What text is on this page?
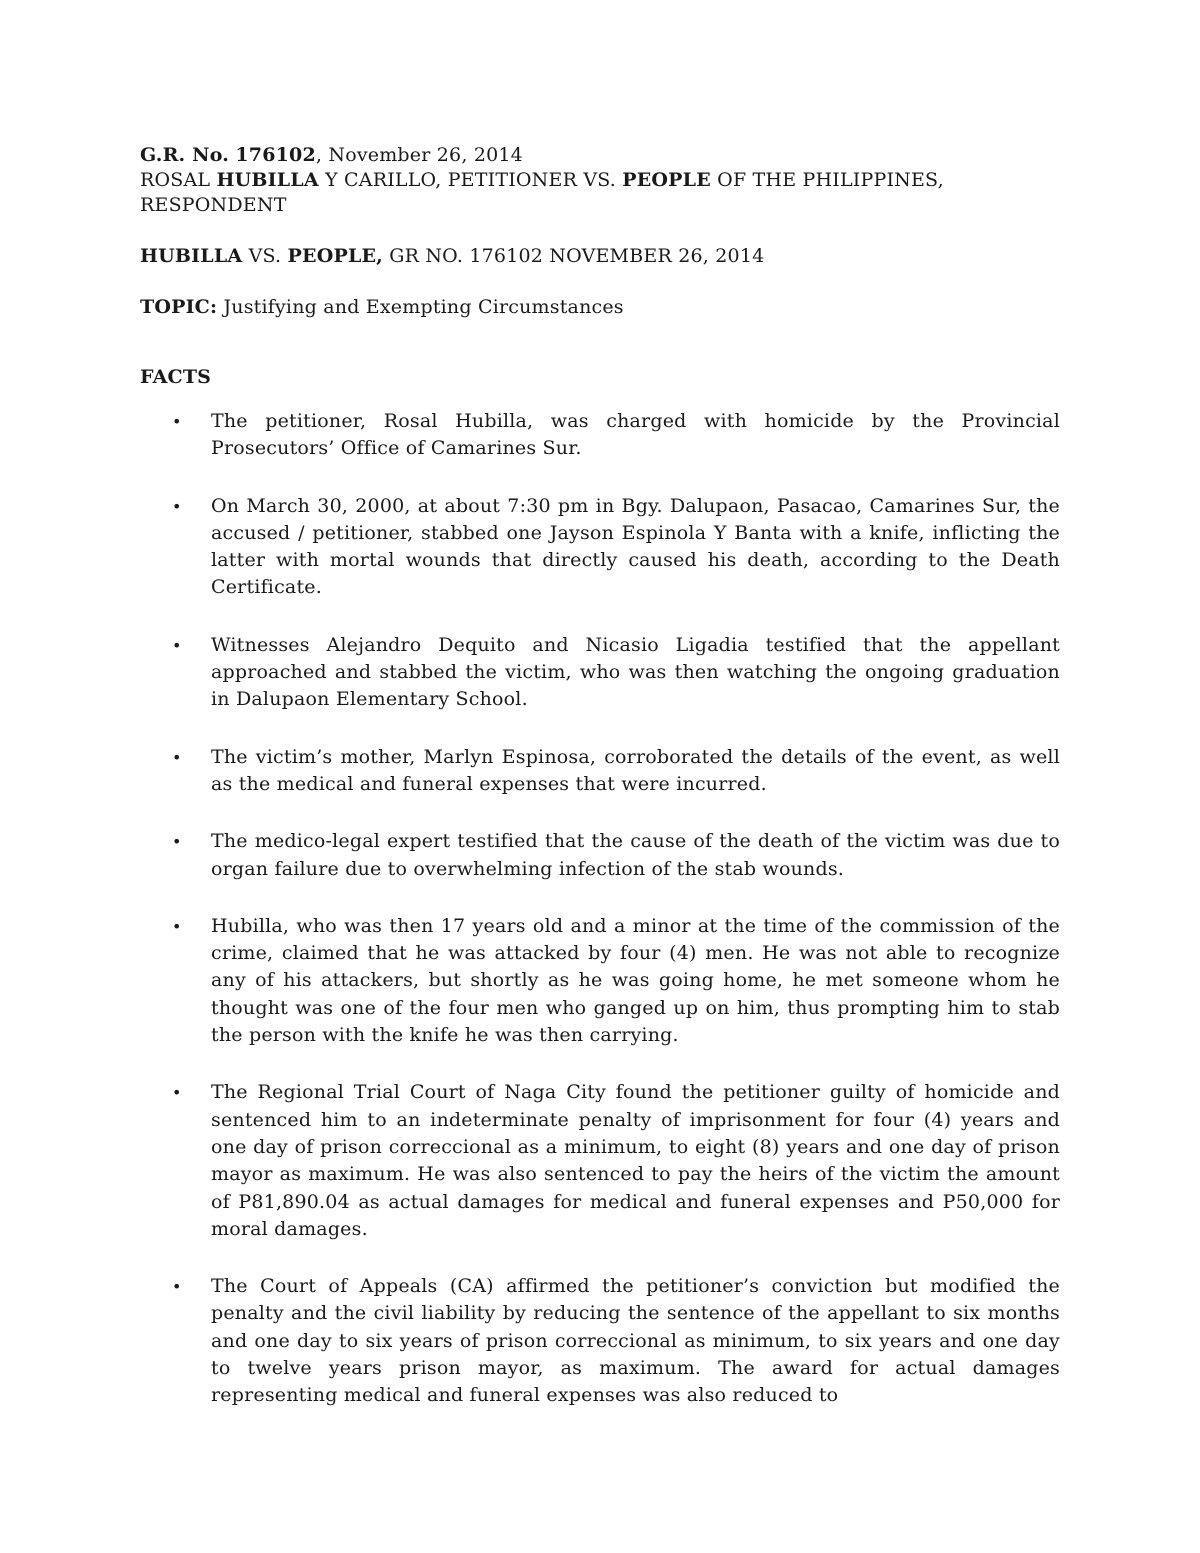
G.R. No. 176102, November 26, 2014

ROSAL HUBILLA Y CARILLO, PETITIONER VS. PEOPLE OF THE PHILIPPINES,

RESPONDENT

HUBILLA VS. PEOPLE, GR NO. 176102 NOVEMBER 26, 2014

TOPIC: Justifying and Exempting Circumstances

FACTS

• The petitioner, Rosal Hubilla, was charged with homicide by the Provincial Prosecutors’ Office of Camarines Sur.
• On March 30, 2000, at about 7:30 pm in Bgy. Dalupaon, Pasacao, Camarines Sur, the accused / petitioner, stabbed one Jayson Espinola Y Banta with a knife, inflicting the latter with mortal wounds that directly caused his death, according to the Death Certificate.
• Witnesses Alejandro Dequito and Nicasio Ligadia testified that the appellant approached and stabbed the victim, who was then watching the ongoing graduation in Dalupaon Elementary School.
• The victim’s mother, Marlyn Espinosa, corroborated the details of the event, as well as the medical and funeral expenses that were incurred.
• The medico-legal expert testified that the cause of the death of the victim was due to organ failure due to overwhelming infection of the stab wounds.
• Hubilla, who was then 17 years old and a minor at the time of the commission of the crime, claimed that he was attacked by four (4) men. He was not able to recognize any of his attackers, but shortly as he was going home, he met someone whom he thought was one of the four men who ganged up on him, thus prompting him to stab the person with the knife he was then carrying.
• The Regional Trial Court of Naga City found the petitioner guilty of homicide and sentenced him to an indeterminate penalty of imprisonment for four (4) years and one day of prison correccional as a minimum, to eight (8) years and one day of prison mayor as maximum. He was also sentenced to pay the heirs of the victim the amount of P81,890.04 as actual damages for medical and funeral expenses and P50,000 for moral damages.
• The Court of Appeals (CA) affirmed the petitioner’s conviction but modified the penalty and the civil liability by reducing the sentence of the appellant to six months and one day to six years of prison correccional as minimum, to six years and one day to twelve years prison mayor, as maximum. The award for actual damages representing medical and funeral expenses was also reduced to
